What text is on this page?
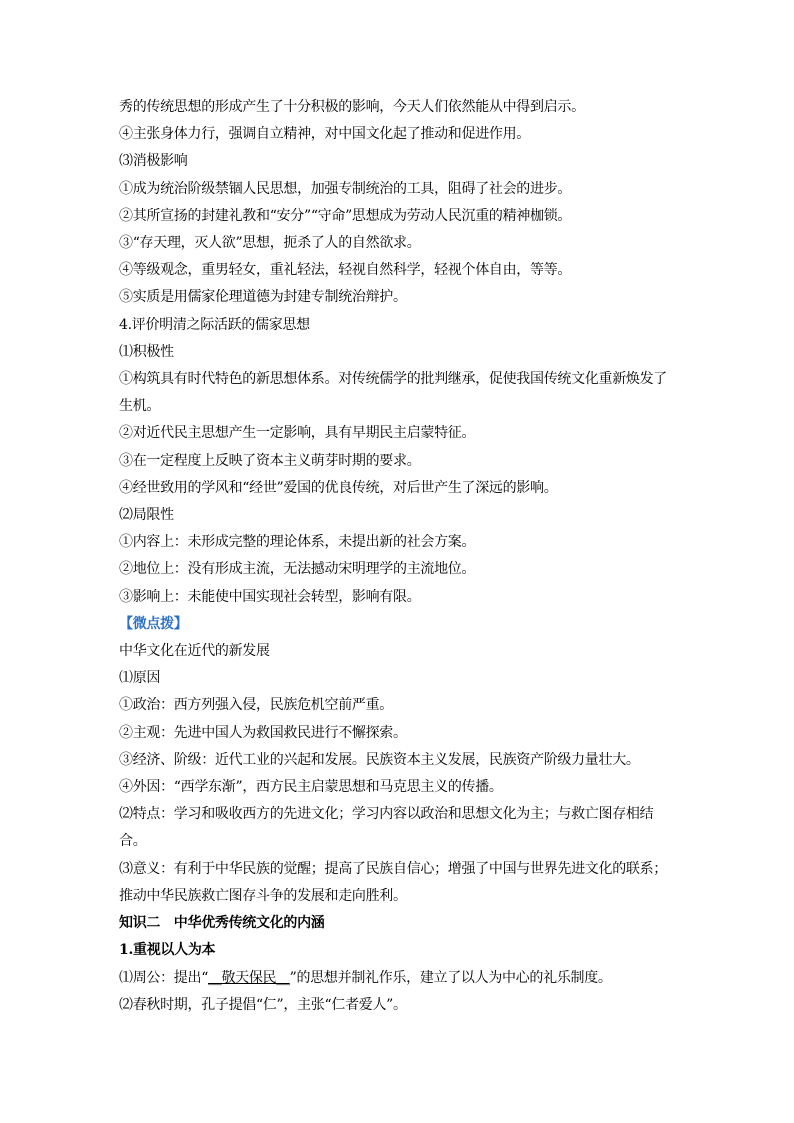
秀的传统思想的形成产生了十分积极的影响，今天人们依然能从中得到启示。
④主张身体力行，强调自立精神，对中国文化起了推动和促进作用。
⑶消极影响
①成为统治阶级禁锢人民思想，加强专制统治的工具，阻碍了社会的进步。
②其所宣扬的封建礼教和“安分”“守命”思想成为劳动人民沉重的精神枷锁。
③“存天理，灭人欲”思想，扼杀了人的自然欲求。
④等级观念，重男轻女，重礼轻法，轻视自然科学，轻视个体自由，等等。
⑤实质是用儒家伦理道德为封建专制统治辩护。
4.评价明清之际活跃的儒家思想
⑴积极性
①构筑具有时代特色的新思想体系。对传统儒学的批判继承，促使我国传统文化重新焕发了
生机。
②对近代民主思想产生一定影响，具有早期民主启蒙特征。
③在一定程度上反映了资本主义萌芽时期的要求。
④经世致用的学风和“经世”爱国的优良传统，对后世产生了深远的影响。
⑵局限性
①内容上：未形成完整的理论体系，未提出新的社会方案。
②地位上：没有形成主流，无法撼动宋明理学的主流地位。
③影响上：未能使中国实现社会转型，影响有限。
【微点拨】
中华文化在近代的新发展
⑴原因
①政治：西方列强入侵，民族危机空前严重。
②主观：先进中国人为救国救民进行不懈探索。
③经济、阶级：近代工业的兴起和发展。民族资本主义发展，民族资产阶级力量壮大。
④外因：“西学东渐”，西方民主启蒙思想和马克思主义的传播。
⑵特点：学习和吸收西方的先进文化；学习内容以政治和思想文化为主；与救亡图存相结
合。
⑶意义：有利于中华民族的觉醒；提高了民族自信心；增强了中国与世界先进文化的联系；
推动中华民族救亡图存斗争的发展和走向胜利。
知识二　中华优秀传统文化的内涵
1.重视以人为本
⑴周公：提出“__敬天保民__”的思想并制礼作乐，建立了以人为中心的礼乐制度。
⑵春秋时期，孔子提倡“仁”，主张“仁者爱人”。
